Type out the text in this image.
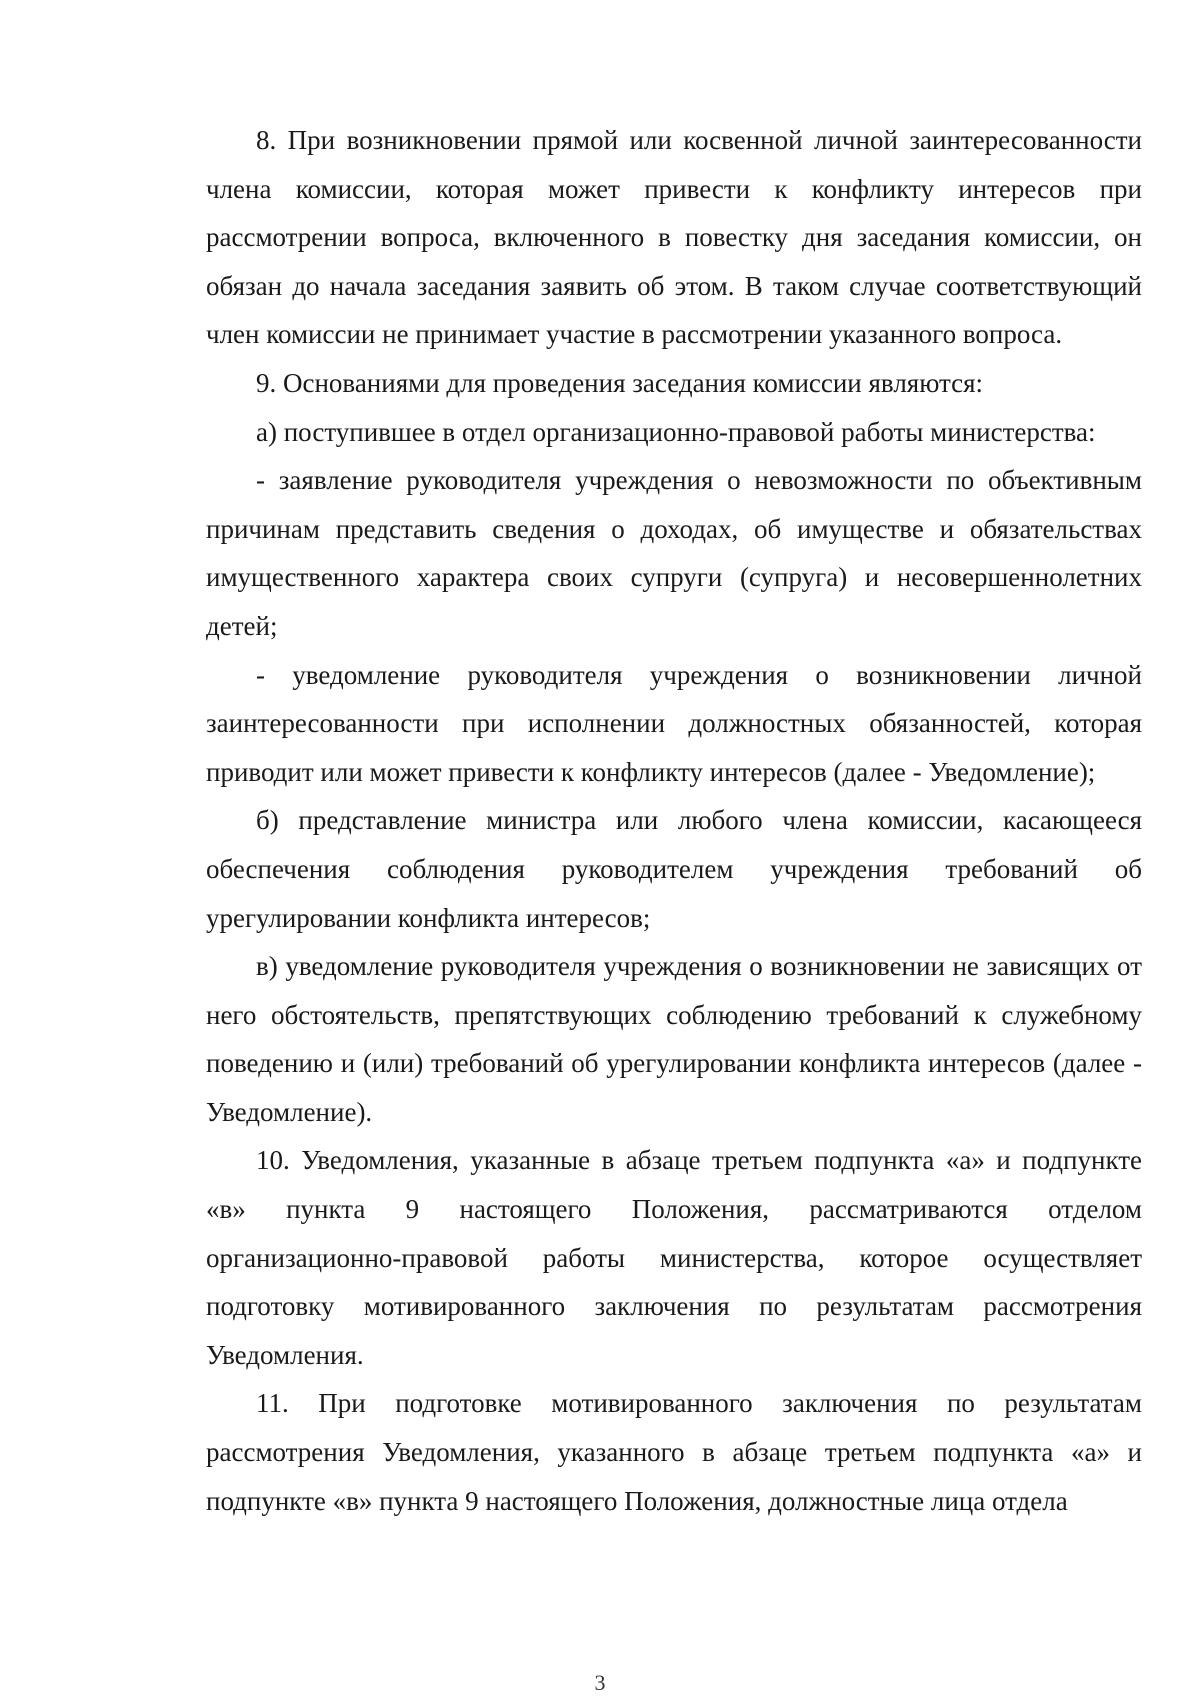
8. При возникновении прямой или косвенной личной заинтересованности члена комиссии, которая может привести к конфликту интересов при рассмотрении вопроса, включенного в повестку дня заседания комиссии, он обязан до начала заседания заявить об этом. В таком случае соответствующий член комиссии не принимает участие в рассмотрении указанного вопроса.

9. Основаниями для проведения заседания комиссии являются:

а) поступившее в отдел организационно-правовой работы министерства:

- заявление руководителя учреждения о невозможности по объективным причинам представить сведения о доходах, об имуществе и обязательствах имущественного характера своих супруги (супруга) и несовершеннолетних детей;

- уведомление руководителя учреждения о возникновении личной заинтересованности при исполнении должностных обязанностей, которая приводит или может привести к конфликту интересов (далее - Уведомление);

б) представление министра или любого члена комиссии, касающееся обеспечения соблюдения руководителем учреждения требований об урегулировании конфликта интересов;

в) уведомление руководителя учреждения о возникновении не зависящих от него обстоятельств, препятствующих соблюдению требований к служебному поведению и (или) требований об урегулировании конфликта интересов (далее - Уведомление).

10. Уведомления, указанные в абзаце третьем подпункта «а» и подпункте «в» пункта 9 настоящего Положения, рассматриваются отделом организационно-правовой работы министерства, которое осуществляет подготовку мотивированного заключения по результатам рассмотрения Уведомления.

11. При подготовке мотивированного заключения по результатам рассмотрения Уведомления, указанного в абзаце третьем подпункта «а» и подпункте «в» пункта 9 настоящего Положения, должностные лица отдела

3
